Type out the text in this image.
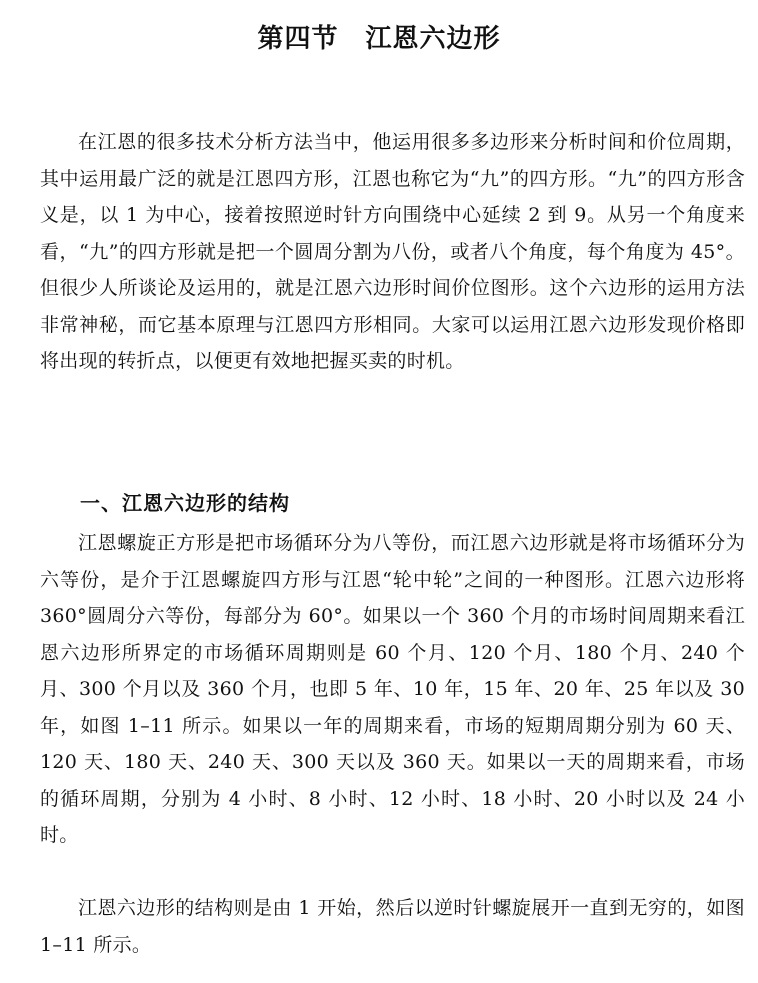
第四节　江恩六边形

在江恩的很多技术分析方法当中，他运用很多多边形来分析时间和价位周期，其中运用最广泛的就是江恩四方形，江恩也称它为“九”的四方形。“九”的四方形含义是，以 1 为中心，接着按照逆时针方向围绕中心延续 2 到 9。从另一个角度来看，“九”的四方形就是把一个圆周分割为八份，或者八个角度，每个角度为 45°。但很少人所谈论及运用的，就是江恩六边形时间价位图形。这个六边形的运用方法非常神秘，而它基本原理与江恩四方形相同。大家可以运用江恩六边形发现价格即将出现的转折点，以便更有效地把握买卖的时机。

一、江恩六边形的结构

江恩螺旋正方形是把市场循环分为八等份，而江恩六边形就是将市场循环分为六等份，是介于江恩螺旋四方形与江恩“轮中轮”之间的一种图形。江恩六边形将 360°圆周分六等份，每部分为 60°。如果以一个 360 个月的市场时间周期来看江恩六边形所界定的市场循环周期则是 60 个月、120 个月、180 个月、240 个月、300 个月以及 360 个月，也即 5 年、10 年，15 年、20 年、25 年以及 30 年，如图 1–11 所示。如果以一年的周期来看，市场的短期周期分别为 60 天、120 天、180 天、240 天、300 天以及 360 天。如果以一天的周期来看，市场的循环周期，分别为 4 小时、8 小时、12 小时、18 小时、20 小时以及 24 小时。

江恩六边形的结构则是由 1 开始，然后以逆时针螺旋展开一直到无穷的，如图 1–11 所示。
